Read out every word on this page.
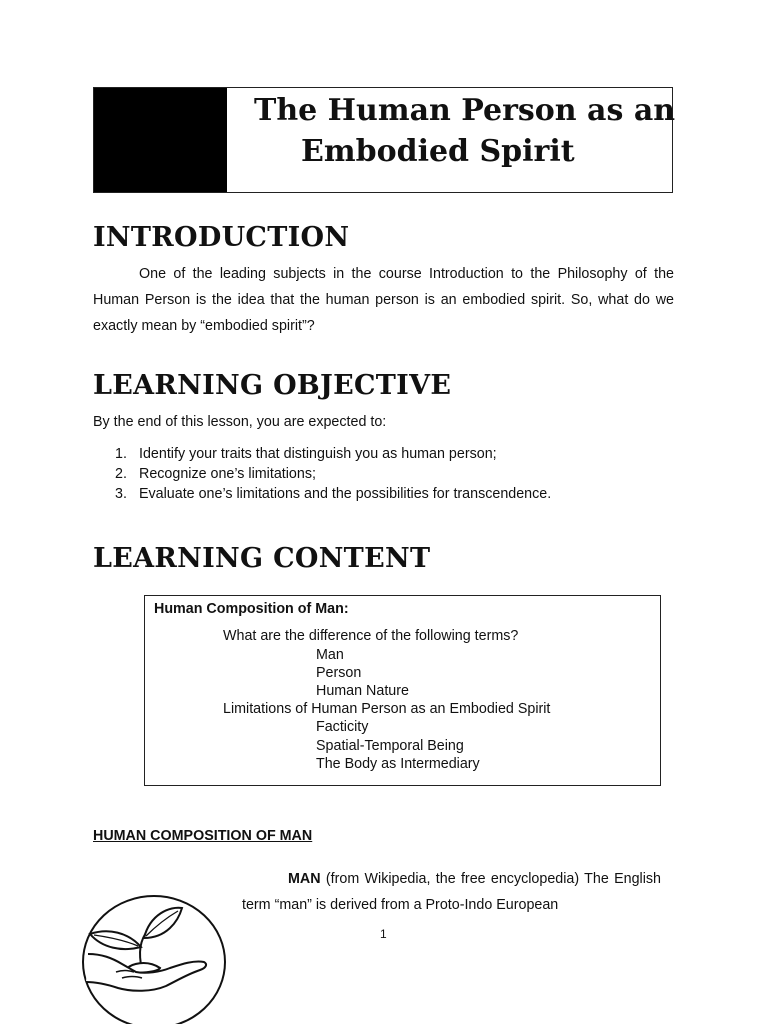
The Human Person as an
Embodied Spirit
INTRODUCTION
One of the leading subjects in the course Introduction to the Philosophy of the Human Person is the idea that the human person is an embodied spirit. So, what do we exactly mean by “embodied spirit”?
LEARNING OBJECTIVE
By the end of this lesson, you are expected to:
1. Identify your traits that distinguish you as human person;
2. Recognize one’s limitations;
3. Evaluate one’s limitations and the possibilities for transcendence.
LEARNING CONTENT
Human Composition of Man:
What are the difference of the following terms?
Man
Person
Human Nature
Limitations of Human Person as an Embodied Spirit
Facticity
Spatial-Temporal Being
The Body as Intermediary
HUMAN COMPOSITION OF MAN
MAN (from Wikipedia, the free encyclopedia) The English term “man” is derived from a Proto-Indo European
1
